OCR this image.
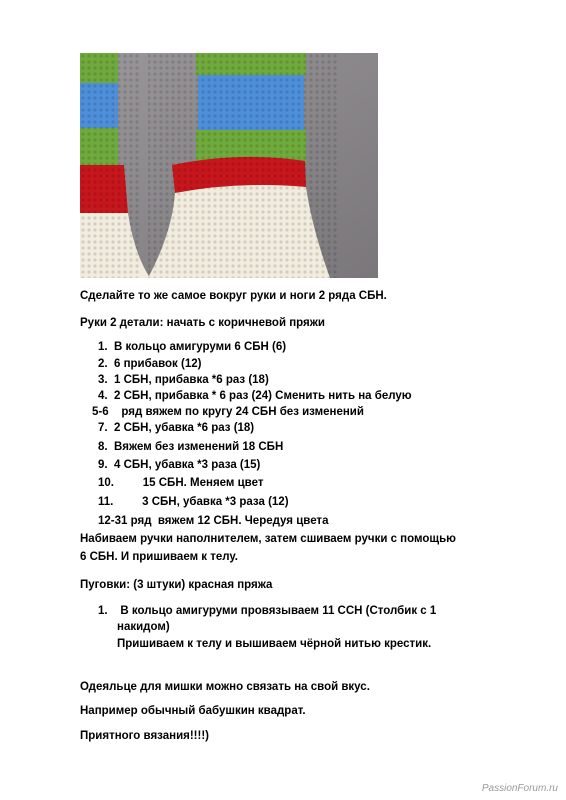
Сделайте то же самое вокруг руки и ноги 2 ряда СБН.
Руки 2 детали: начать с коричневой пряжи
1. В кольцо амигуруми 6 СБН (6)
2. 6 прибавок (12)
3. 1 СБН, прибавка *6 раз (18)
4. 2 СБН, прибавка * 6 раз (24) Сменить нить на белую
5-6 ряд вяжем по кругу 24 СБН без изменений
7. 2 СБН, убавка *6 раз (18)
8. Вяжем без изменений 18 СБН
9. 4 СБН, убавка *3 раза (15)
10.	15 СБН. Меняем цвет
11.	3 СБН, убавка *3 раза (12)
12-31 ряд вяжем 12 СБН. Чередуя цвета
Набиваем ручки наполнителем, затем сшиваем ручки с помощью
6 СБН. И пришиваем к телу.
Пуговки: (3 штуки) красная пряжа
1. В кольцо амигуруми провязываем 11 ССН (Столбик с 1
накидом)
Пришиваем к телу и вышиваем чёрной нитью крестик.
Одеяльце для мишки можно связать на свой вкус.
Например обычный бабушкин квадрат.
Приятного вязания!!!!)
PassionForum.ru
